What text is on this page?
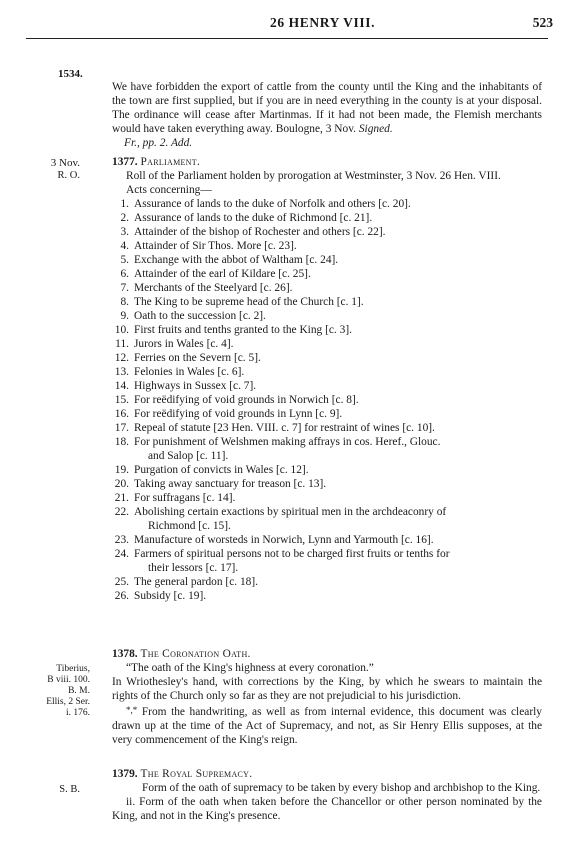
26 HENRY VIII.	523
1534.

We have forbidden the export of cattle from the county until the King and the inhabitants of the town are first supplied, but if you are in need everything in the county is at your disposal. The ordinance will cease after Martinmas. If it had not been made, the Flemish merchants would have taken everything away. Boulogne, 3 Nov. Signed.

Fr., pp. 2. Add.

3 Nov.
R. O.
1377. Parliament.

Roll of the Parliament holden by prorogation at Westminster, 3 Nov. 26 Hen. VIII.

Acts concerning—
1. Assurance of lands to the duke of Norfolk and others [c. 20].
2. Assurance of lands to the duke of Richmond [c. 21].
3. Attainder of the bishop of Rochester and others [c. 22].
4. Attainder of Sir Thos. More [c. 23].
5. Exchange with the abbot of Waltham [c. 24].
6. Attainder of the earl of Kildare [c. 25].
7. Merchants of the Steelyard [c. 26].
8. The King to be supreme head of the Church [c. 1].
9. Oath to the succession [c. 2].
10. First fruits and tenths granted to the King [c. 3].
11. Jurors in Wales [c. 4].
12. Ferries on the Severn [c. 5].
13. Felonies in Wales [c. 6].
14. Highways in Sussex [c. 7].
15. For reëdifying of void grounds in Norwich [c. 8].
16. For reëdifying of void grounds in Lynn [c. 9].
17. Repeal of statute [23 Hen. VIII. c. 7] for restraint of wines [c. 10].
18. For punishment of Welshmen making affrays in cos. Heref., Glouc.
and Salop [c. 11].
19. Purgation of convicts in Wales [c. 12].
20. Taking away sanctuary for treason [c. 13].
21. For suffragans [c. 14].
22. Abolishing certain exactions by spiritual men in the archdeaconry of
Richmond [c. 15].
23. Manufacture of worsteds in Norwich, Lynn and Yarmouth [c. 16].
24. Farmers of spiritual persons not to be charged first fruits or tenths for
their lessors [c. 17].
25. The general pardon [c. 18].
26. Subsidy [c. 19].
Tiberius,
B viii. 100.
B. M.
Ellis, 2 Ser.
i. 176.
1378. The Coronation Oath.

“The oath of the King's highness at every coronation.”

In Wriothesley's hand, with corrections by the King, by which he swears to maintain the rights of the Church only so far as they are not prejudicial to his jurisdiction.

*,* From the handwriting, as well as from internal evidence, this document was clearly drawn up at the time of the Act of Supremacy, and not, as Sir Henry Ellis supposes, at the very commencement of the King's reign.

S. B.
1379. The Royal Supremacy.

Form of the oath of supremacy to be taken by every bishop and archbishop to the King.

ii. Form of the oath when taken before the Chancellor or other person nominated by the King, and not in the King's presence.
